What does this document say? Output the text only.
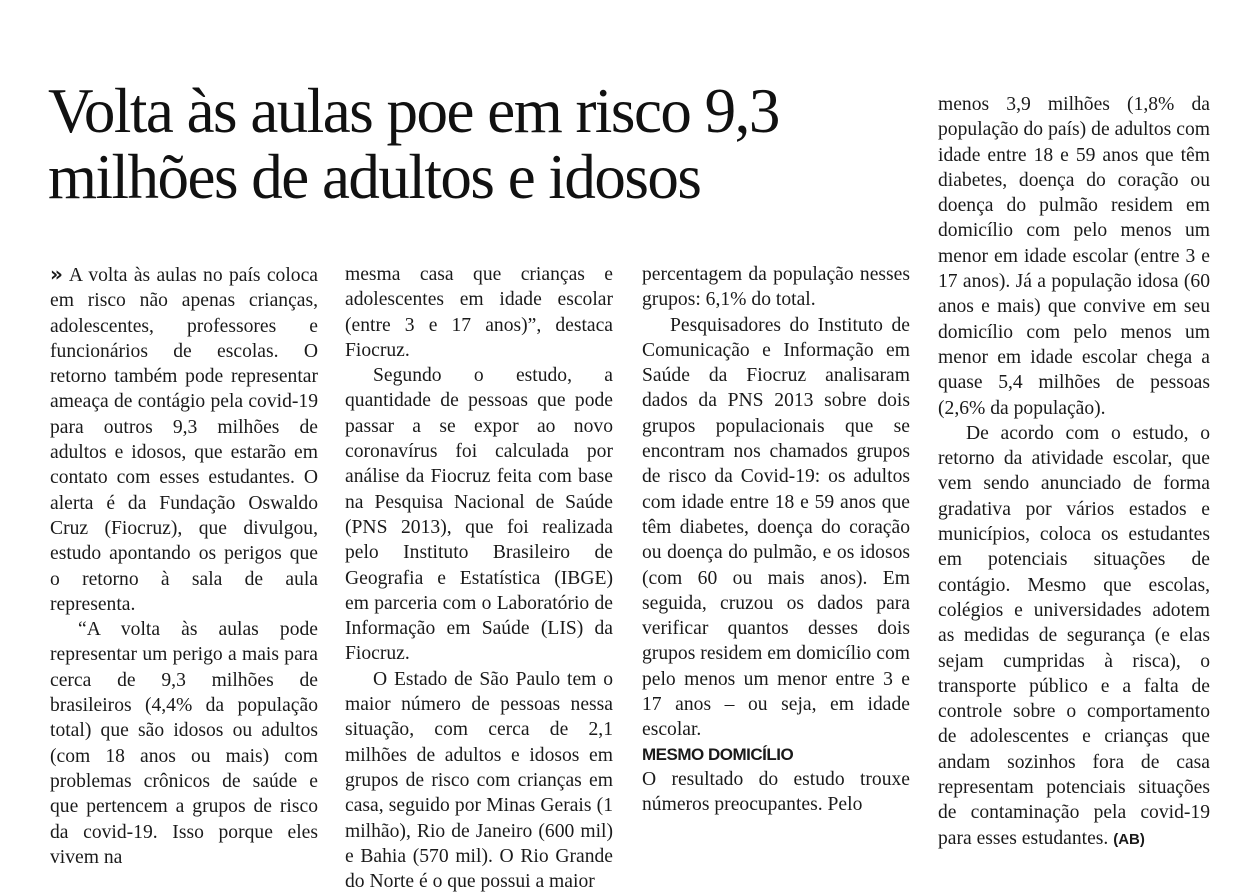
Volta às aulas poe em risco 9,3
milhões de adultos e idosos

» A volta às aulas no país coloca em risco não apenas crianças, adolescentes, professores e funcionários de escolas. O retorno também pode representar ameaça de contágio pela covid-19 para outros 9,3 milhões de adultos e idosos, que estarão em contato com esses estudantes. O alerta é da Fundação Oswaldo Cruz (Fiocruz), que divulgou, estudo apontando os perigos que o retorno à sala de aula representa.

“A volta às aulas pode representar um perigo a mais para cerca de 9,3 milhões de brasileiros (4,4% da população total) que são idosos ou adultos (com 18 anos ou mais) com problemas crônicos de saúde e que pertencem a grupos de risco da covid-19. Isso porque eles vivem na

mesma casa que crianças e adolescentes em idade escolar (entre 3 e 17 anos)”, destaca Fiocruz.

Segundo o estudo, a quantidade de pessoas que pode passar a se expor ao novo coronavírus foi calculada por análise da Fiocruz feita com base na Pesquisa Nacional de Saúde (PNS 2013), que foi realizada pelo Instituto Brasileiro de Geografia e Estatística (IBGE) em parceria com o Laboratório de Informação em Saúde (LIS) da Fiocruz.

O Estado de São Paulo tem o maior número de pessoas nessa situação, com cerca de 2,1 milhões de adultos e idosos em grupos de risco com crianças em casa, seguido por Minas Gerais (1 milhão), Rio de Janeiro (600 mil) e Bahia (570 mil). O Rio Grande do Norte é o que possui a maior

percentagem da população nesses grupos: 6,1% do total.

Pesquisadores do Instituto de Comunicação e Informação em Saúde da Fiocruz analisaram dados da PNS 2013 sobre dois grupos populacionais que se encontram nos chamados grupos de risco da Covid-19: os adultos com idade entre 18 e 59 anos que têm diabetes, doença do coração ou doença do pulmão, e os idosos (com 60 ou mais anos). Em seguida, cruzou os dados para verificar quantos desses dois grupos residem em domicílio com pelo menos um menor entre 3 e 17 anos – ou seja, em idade escolar.

MESMO DOMICÍLIO

O resultado do estudo trouxe números preocupantes. Pelo

menos 3,9 milhões (1,8% da população do país) de adultos com idade entre 18 e 59 anos que têm diabetes, doença do coração ou doença do pulmão residem em domicílio com pelo menos um menor em idade escolar (entre 3 e 17 anos). Já a população idosa (60 anos e mais) que convive em seu domicílio com pelo menos um menor em idade escolar chega a quase 5,4 milhões de pessoas (2,6% da população).

De acordo com o estudo, o retorno da atividade escolar, que vem sendo anunciado de forma gradativa por vários estados e municípios, coloca os estudantes em potenciais situações de contágio. Mesmo que escolas, colégios e universidades adotem as medidas de segurança (e elas sejam cumpridas à risca), o transporte público e a falta de controle sobre o comportamento de adolescentes e crianças que andam sozinhos fora de casa representam potenciais situações de contaminação pela covid-19 para esses estudantes. (AB)
